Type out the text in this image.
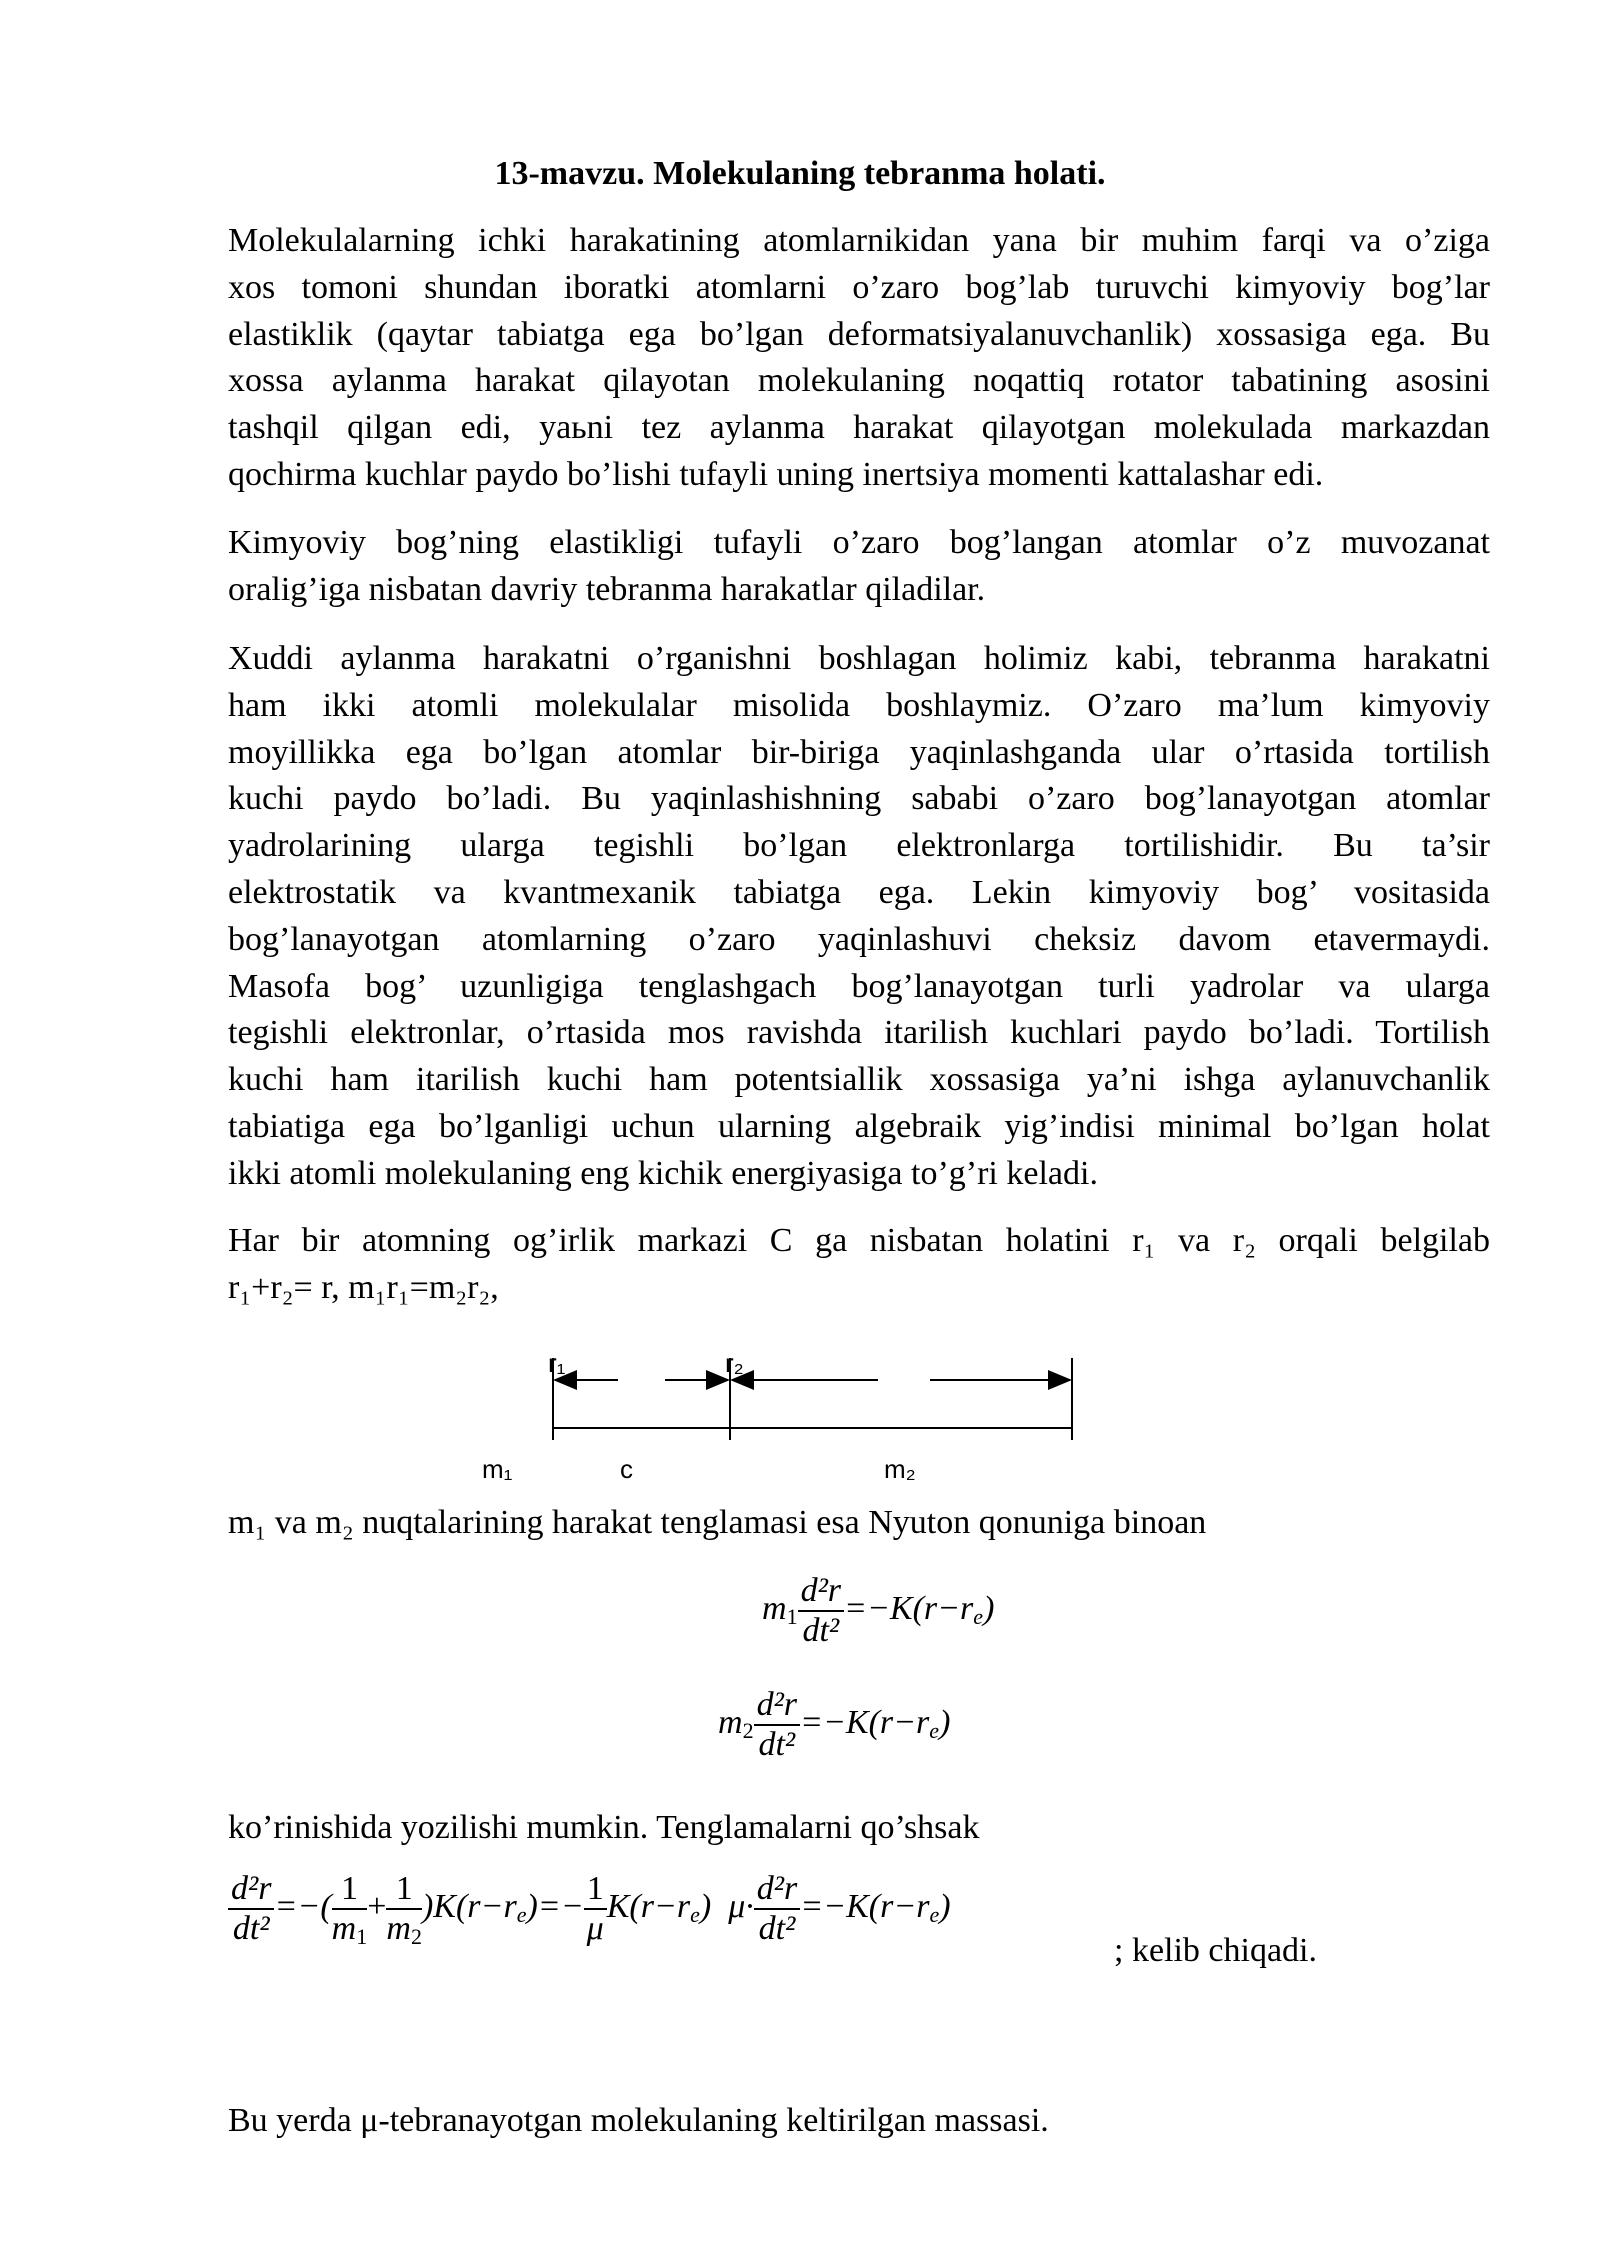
13-mavzu. Molekulaning tebranma holati.
Molekulalarning ichki harakatining atomlarnikidan yana bir muhim farqi va o’ziga
xos tomoni shundan iboratki atomlarni o’zaro bog’lab turuvchi kimyoviy bog’lar
elastiklik (qaytar tabiatga ega bo’lgan deformatsiyalanuvchanlik) xossasiga ega. Bu
xossa aylanma harakat qilayotan molekulaning noqattiq rotator tabatining asosini
tashqil qilgan edi, yaьni tez aylanma harakat qilayotgan molekulada markazdan
qochirma kuchlar paydo bo’lishi tufayli uning inertsiya momenti kattalashar edi.
Kimyoviy bog’ning elastikligi tufayli o’zaro bog’langan atomlar o’z muvozanat
oralig’iga nisbatan davriy tebranma harakatlar qiladilar.
Xuddi aylanma harakatni o’rganishni boshlagan holimiz kabi, tebranma harakatni
ham ikki atomli molekulalar misolida boshlaymiz. O’zaro ma’lum kimyoviy
moyillikka ega bo’lgan atomlar bir-biriga yaqinlashganda ular o’rtasida tortilish
kuchi paydo bo’ladi. Bu yaqinlashishning sababi o’zaro bog’lanayotgan atomlar
yadrolarining ularga tegishli bo’lgan elektronlarga tortilishidir. Bu ta’sir
elektrostatik va kvantmexanik tabiatga ega. Lekin kimyoviy bog’ vositasida
bog’lanayotgan atomlarning o’zaro yaqinlashuvi cheksiz davom etavermaydi.
Masofa bog’ uzunligiga tenglashgach bog’lanayotgan turli yadrolar va ularga
tegishli elektronlar, o’rtasida mos ravishda itarilish kuchlari paydo bo’ladi. Tortilish
kuchi ham itarilish kuchi ham potentsiallik xossasiga ya’ni ishga aylanuvchanlik
tabiatiga ega bo’lganligi uchun ularning algebraik yig’indisi minimal bo’lgan holat
ikki atomli molekulaning eng kichik energiyasiga to’g’ri keladi.
Har bir atomning og’irlik markazi C ga nisbatan holatini r₁ va r₂ orqali belgilab
r₁+r₂= r, m₁r₁=m₂r₂,
r₁	r₂
m₁	c	m₂
m₁ va m₂ nuqtalarining harakat tenglamasi esa Nyuton qonuniga binoan
$m_1 \frac{\text{d²r}}{\text{dt²}} =-K(r-r_e)$
$m_2 \frac{\text{d²r}}{\text{dt²}} =-K(r-r_e)$
ko’rinishida yozilishi mumkin. Tenglamalarni qo’shsak
$\frac{\text{d²r}}{\text{dt²}}$ =−( $\frac{1}{m_1} + \frac{1}{m_2} )K(r-r_e)=- \frac{1}{\mu} K(r-r_e)$ $\mu\cdot \frac{\text{d²r}}{\text{dt²}} =-K(r-r_e)$
; kelib chiqadi.
Bu yerda μ-tebranayotgan molekulaning keltirilgan massasi.
